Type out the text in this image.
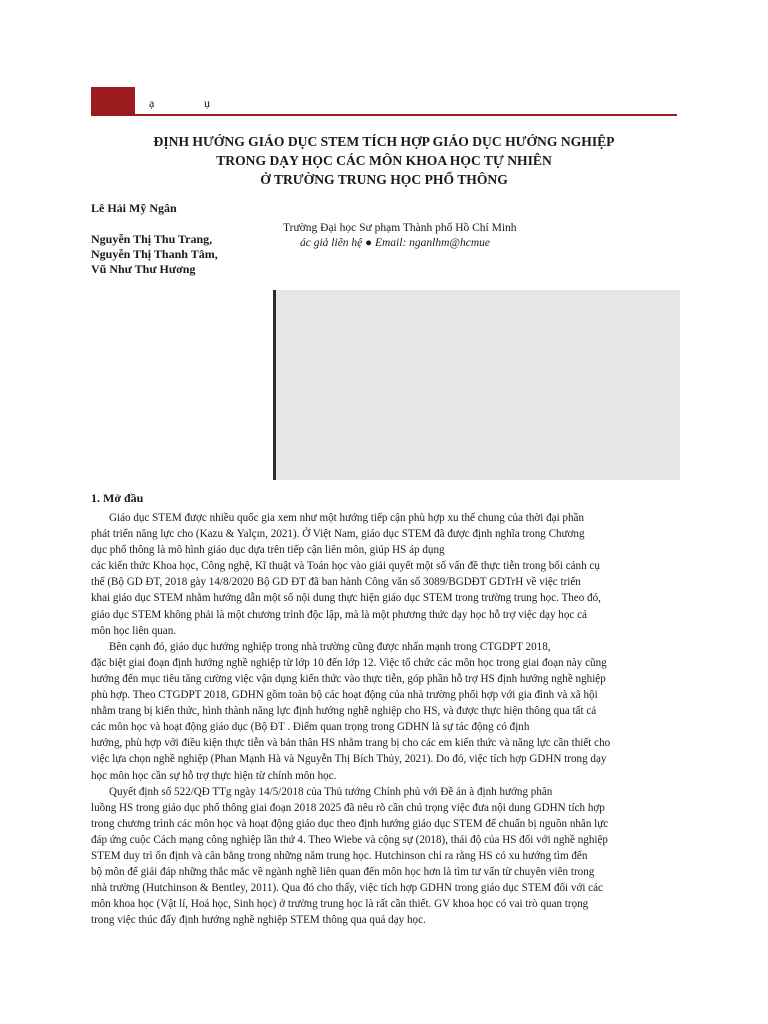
ạ	ụ
ĐỊNH HƯỚNG GIÁO DỤC STEM TÍCH HỢP GIÁO DỤC HƯỚNG NGHIỆP
TRONG DẠY HỌC CÁC MÔN KHOA HỌC TỰ NHIÊN
Ở TRƯỜNG TRUNG HỌC PHỔ THÔNG
Lê Hải Mỹ Ngân
Nguyễn Thị Thu Trang,
Nguyễn Thị Thanh Tâm,
Vũ Như Thư Hương
Trường Đại học Sư phạm Thành phố Hồ Chí Minh
ác giả liên hệ ● Email: nganlhm@hcmue
1. Mở đầu
Giáo dục STEM được nhiều quốc gia xem như một hướng tiếp cận phù hợp xu thế chung của thời đại phần
phát triển năng lực cho (Kazu & Yalçın, 2021). Ở Việt Nam, giáo dục STEM đã được định nghĩa trong Chương
dục phổ thông là mô hình giáo dục dựa trên tiếp cận liên môn, giúp HS áp dụng
các kiến thức Khoa học, Công nghệ, Kĩ thuật và Toán học vào giải quyết một số vấn đề thực tiễn trong bối cảnh cụ
thể (Bộ GD ĐT, 2018 gày 14/8/2020 Bộ GD ĐT đã ban hành Công văn số 3089/BGDĐT GDTrH về việc triển
khai giáo dục STEM nhằm hướng dẫn một số nội dung thực hiện giáo dục STEM trong trường trung học. Theo đó,
giáo dục STEM không phải là một chương trình độc lập, mà là một phương thức dạy học hỗ trợ việc dạy học cá
môn học liên quan.
Bên cạnh đó, giáo dục hướng nghiệp trong nhà trường cũng được nhấn mạnh trong CTGDPT 2018,
đặc biệt giai đoạn định hướng nghề nghiệp từ lớp 10 đến lớp 12. Việc tổ chức các môn học trong giai đoạn này cũng
hướng đến mục tiêu tăng cường việc vận dụng kiến thức vào thực tiễn, góp phần hỗ trợ HS định hướng nghề nghiệp
phù hợp. Theo CTGDPT 2018, GDHN gồm toàn bộ các hoạt động của nhà trường phối hợp với gia đình và xã hội
nhằm trang bị kiến thức, hình thành năng lực định hướng nghề nghiệp cho HS, và được thực hiện thông qua tất cả
các môn học và hoạt động giáo dục (Bộ ĐT . Điểm quan trọng trong GDHN là sự tác động có định
hướng, phù hợp với điều kiện thực tiễn và bản thân HS nhằm trang bị cho các em kiến thức và năng lực cần thiết cho
việc lựa chọn nghề nghiệp (Phan Mạnh Hà và Nguyễn Thị Bích Thủy, 2021). Do đó, việc tích hợp GDHN trong dạy
học môn học cần sự hỗ trợ thực hiện từ chính môn học.
Quyết định số 522/QĐ TTg ngày 14/5/2018 của Thủ tướng Chính phủ với Đề án à định hướng phân
luồng HS trong giáo dục phổ thông giai đoạn 2018 2025 đã nêu rõ cần chú trọng việc đưa nội dung GDHN tích hợp
trong chương trình các môn học và hoạt động giáo dục theo định hướng giáo dục STEM để chuẩn bị nguồn nhân lực
đáp ứng cuộc Cách mạng công nghiệp lần thứ 4. Theo Wiebe và cộng sự (2018), thái độ của HS đối với nghề nghiệp
STEM duy trì ổn định và cân bằng trong những năm trung học. Hutchinson chỉ ra rằng HS có xu hướng tìm đến
bộ môn để giải đáp những thắc mắc về ngành nghề liên quan đến môn học hơn là tìm tư vấn từ chuyên viên trong
nhà trường (Hutchinson & Bentley, 2011). Qua đó cho thấy, việc tích hợp GDHN trong giáo dục STEM đối với các
môn khoa học (Vật lí, Hoá học, Sinh học) ở trường trung học là rất cần thiết. GV khoa học có vai trò quan trọng
trong việc thúc đẩy định hướng nghề nghiệp STEM thông qua quá dạy học.
